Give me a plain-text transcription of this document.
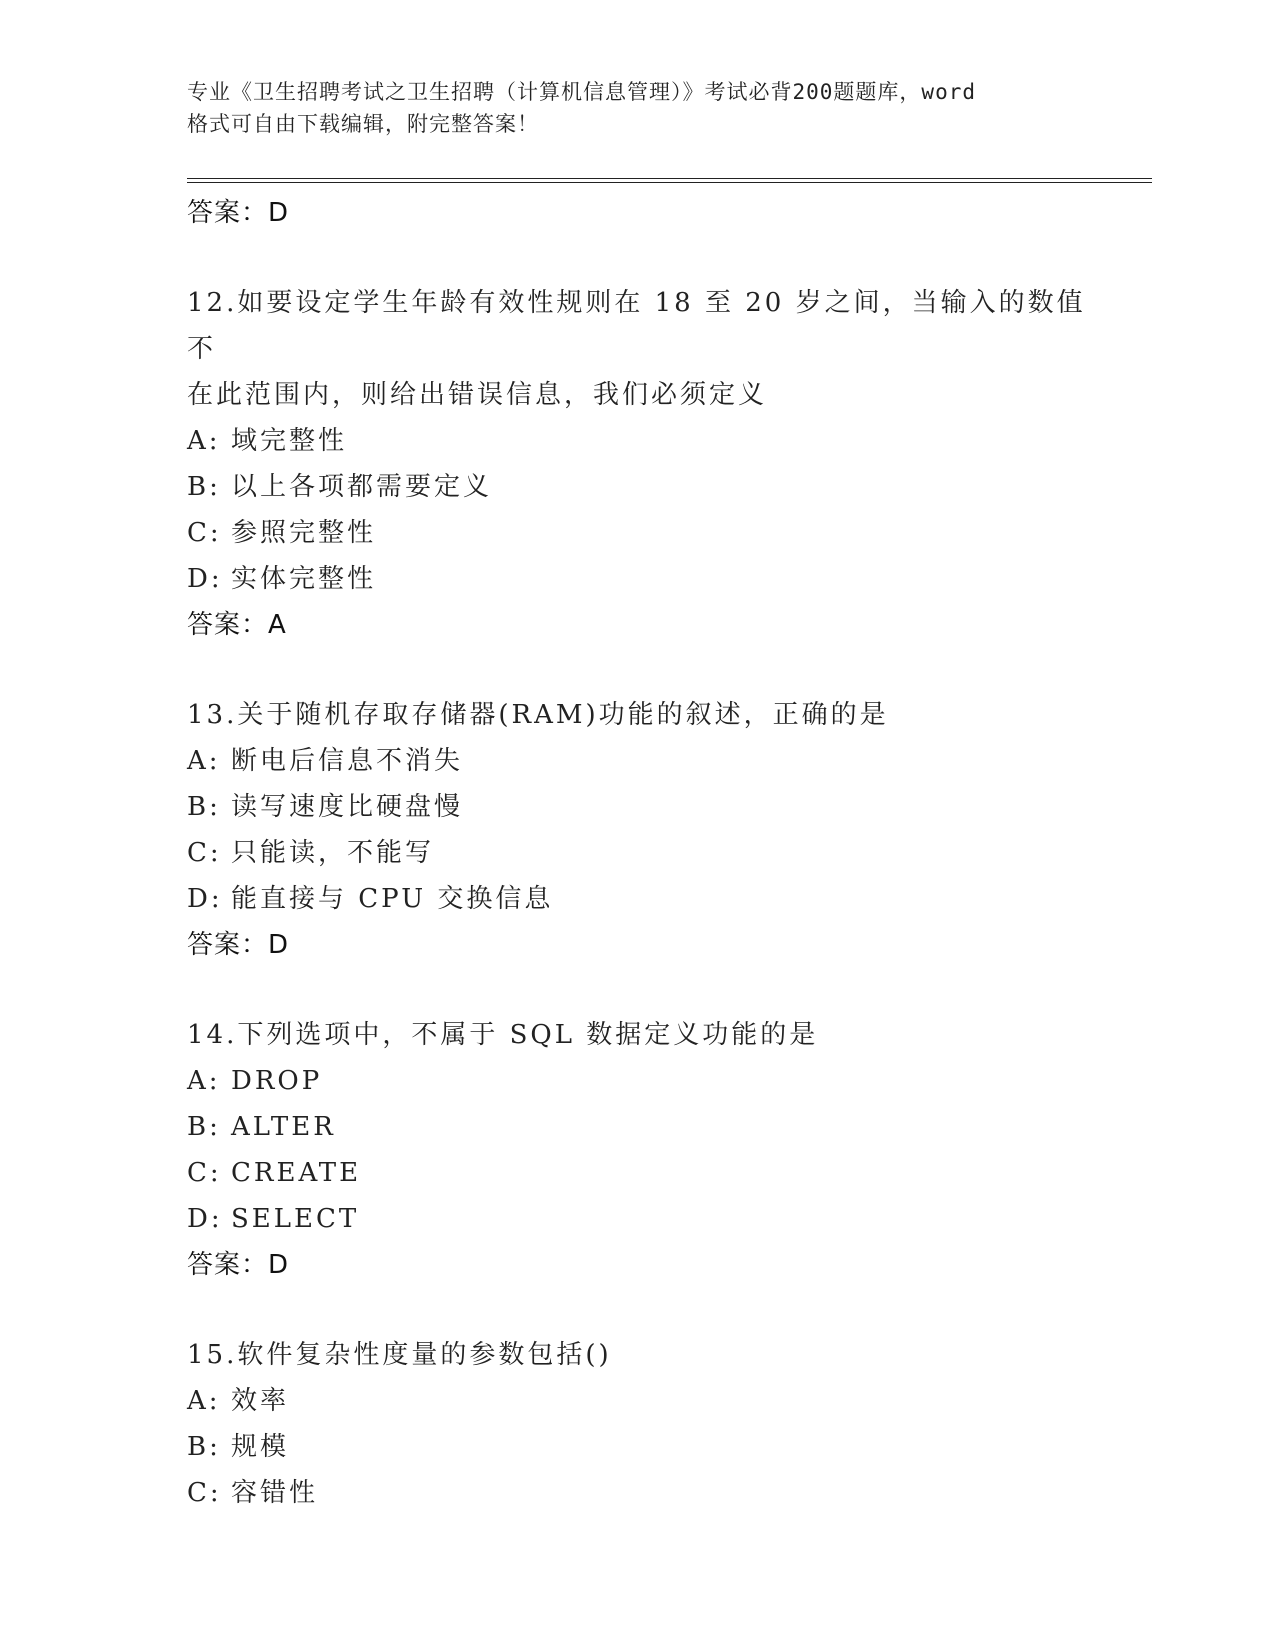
专业《卫生招聘考试之卫生招聘（计算机信息管理）》考试必背200题题库，word
格式可自由下载编辑，附完整答案！
答案：D
12.如要设定学生年龄有效性规则在 18 至 20 岁之间，当输入的数值不
在此范围内，则给出错误信息，我们必须定义
A: 域完整性
B: 以上各项都需要定义
C: 参照完整性
D: 实体完整性
答案：A
13.关于随机存取存储器(RAM)功能的叙述，正确的是
A: 断电后信息不消失
B: 读写速度比硬盘慢
C: 只能读，不能写
D: 能直接与 CPU 交换信息
答案：D
14.下列选项中，不属于 SQL 数据定义功能的是
A: DROP
B: ALTER
C: CREATE
D: SELECT
答案：D
15.软件复杂性度量的参数包括()
A: 效率
B: 规模
C: 容错性
